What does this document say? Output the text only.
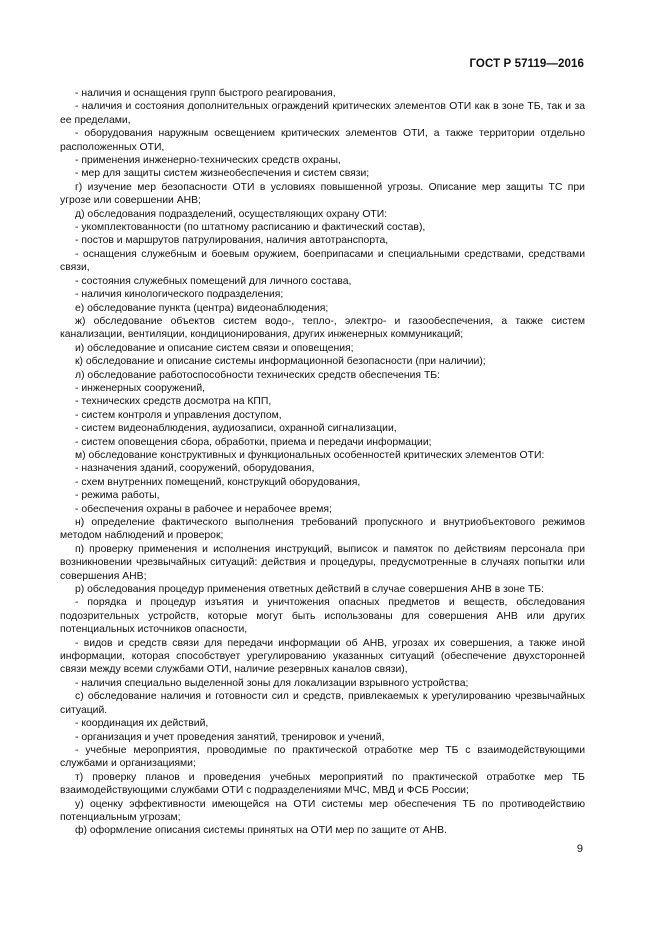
ГОСТ Р 57119—2016

- наличия и оснащения групп быстрого реагирования,

- наличия и состояния дополнительных ограждений критических элементов ОТИ как в зоне ТБ, так и за ее пределами,

- оборудования наружным освещением критических элементов ОТИ, а также территории отдельно расположенных ОТИ,

- применения инженерно-технических средств охраны,

- мер для защиты систем жизнеобеспечения и систем связи;

г) изучение мер безопасности ОТИ в условиях повышенной угрозы. Описание мер защиты ТС при угрозе или совершении АНВ;

д) обследования подразделений, осуществляющих охрану ОТИ:

- укомплектованности (по штатному расписанию и фактический состав),

- постов и маршрутов патрулирования, наличия автотранспорта,

- оснащения служебным и боевым оружием, боеприпасами и специальными средствами, средствами связи,

- состояния служебных помещений для личного состава,

- наличия кинологического подразделения;

е) обследование пункта (центра) видеонаблюдения;

ж) обследование объектов систем водо-, тепло-, электро- и газообеспечения, а также систем канализации, вентиляции, кондиционирования, других инженерных коммуникаций;

и) обследование и описание систем связи и оповещения;

к) обследование и описание системы информационной безопасности (при наличии);

л) обследование работоспособности технических средств обеспечения ТБ:

- инженерных сооружений,

- технических средств досмотра на КПП,

- систем контроля и управления доступом,

- систем видеонаблюдения, аудиозаписи, охранной сигнализации,

- систем оповещения сбора, обработки, приема и передачи информации;

м) обследование конструктивных и функциональных особенностей критических элементов ОТИ:

- назначения зданий, сооружений, оборудования,

- схем внутренних помещений, конструкций оборудования,

- режима работы,

- обеспечения охраны в рабочее и нерабочее время;

н) определение фактического выполнения требований пропускного и внутриобъектового режимов методом наблюдений и проверок;

п) проверку применения и исполнения инструкций, выписок и памяток по действиям персонала при возникновении чрезвычайных ситуаций: действия и процедуры, предусмотренные в случаях попытки или совершения АНВ;

р) обследования процедур применения ответных действий в случае совершения АНВ в зоне ТБ:

- порядка и процедур изъятия и уничтожения опасных предметов и веществ, обследования подозрительных устройств, которые могут быть использованы для совершения АНВ или других потенциальных источников опасности,

- видов и средств связи для передачи информации об АНВ, угрозах их совершения, а также иной информации, которая способствует урегулированию указанных ситуаций (обеспечение двухсторонней связи между всеми службами ОТИ, наличие резервных каналов связи),

- наличия специально выделенной зоны для локализации взрывного устройства;

с) обследование наличия и готовности сил и средств, привлекаемых к урегулированию чрезвычайных ситуаций.

- координация их действий,

- организация и учет проведения занятий, тренировок и учений,

- учебные мероприятия, проводимые по практической отработке мер ТБ с взаимодействующими службами и организациями;

т) проверку планов и проведения учебных мероприятий по практической отработке мер ТБ взаимодействующими службами ОТИ с подразделениями МЧС, МВД и ФСБ России;

у) оценку эффективности имеющейся на ОТИ системы мер обеспечения ТБ по противодействию потенциальным угрозам;

ф) оформление описания системы принятых на ОТИ мер по защите от АНВ.

9
